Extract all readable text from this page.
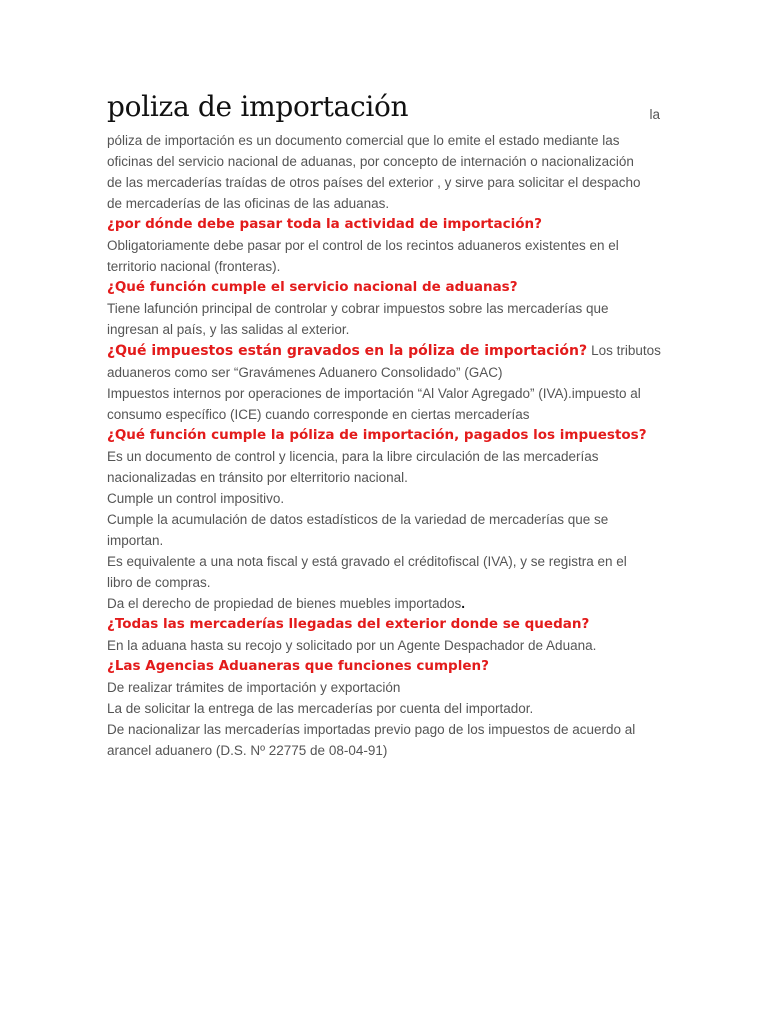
poliza de importación	la

póliza de importación es un documento comercial que lo emite el estado mediante las

oficinas del servicio nacional de aduanas, por concepto de internación o nacionalización

de las mercaderías traídas de otros países del exterior , y sirve para solicitar el despacho

de mercaderías de las oficinas de las aduanas.

¿por dónde debe pasar toda la actividad de importación?

Obligatoriamente debe pasar por el control de los recintos aduaneros existentes en el

territorio nacional (fronteras).

¿Qué función cumple el servicio nacional de aduanas?

Tiene lafunción principal de controlar y cobrar impuestos sobre las mercaderías que

ingresan al país, y las salidas al exterior.

¿Qué impuestos están gravados en la póliza de importación? Los tributos

aduaneros como ser “Gravámenes Aduanero Consolidado” (GAC)

Impuestos internos por operaciones de importación “Al Valor Agregado” (IVA).impuesto al

consumo específico (ICE) cuando corresponde en ciertas mercaderías

¿Qué función cumple la póliza de importación, pagados los impuestos?

Es un documento de control y licencia, para la libre circulación de las mercaderías

nacionalizadas en tránsito por elterritorio nacional.

Cumple un control impositivo.

Cumple la acumulación de datos estadísticos de la variedad de mercaderías que se

importan.

Es equivalente a una nota fiscal y está gravado el créditofiscal (IVA), y se registra en el

libro de compras.

Da el derecho de propiedad de bienes muebles importados.

¿Todas las mercaderías llegadas del exterior donde se quedan?

En la aduana hasta su recojo y solicitado por un Agente Despachador de Aduana.

¿Las Agencias Aduaneras que funciones cumplen?

De realizar trámites de importación y exportación

La de solicitar la entrega de las mercaderías por cuenta del importador.

De nacionalizar las mercaderías importadas previo pago de los impuestos de acuerdo al

arancel aduanero (D.S. Nº 22775 de 08-04-91)
